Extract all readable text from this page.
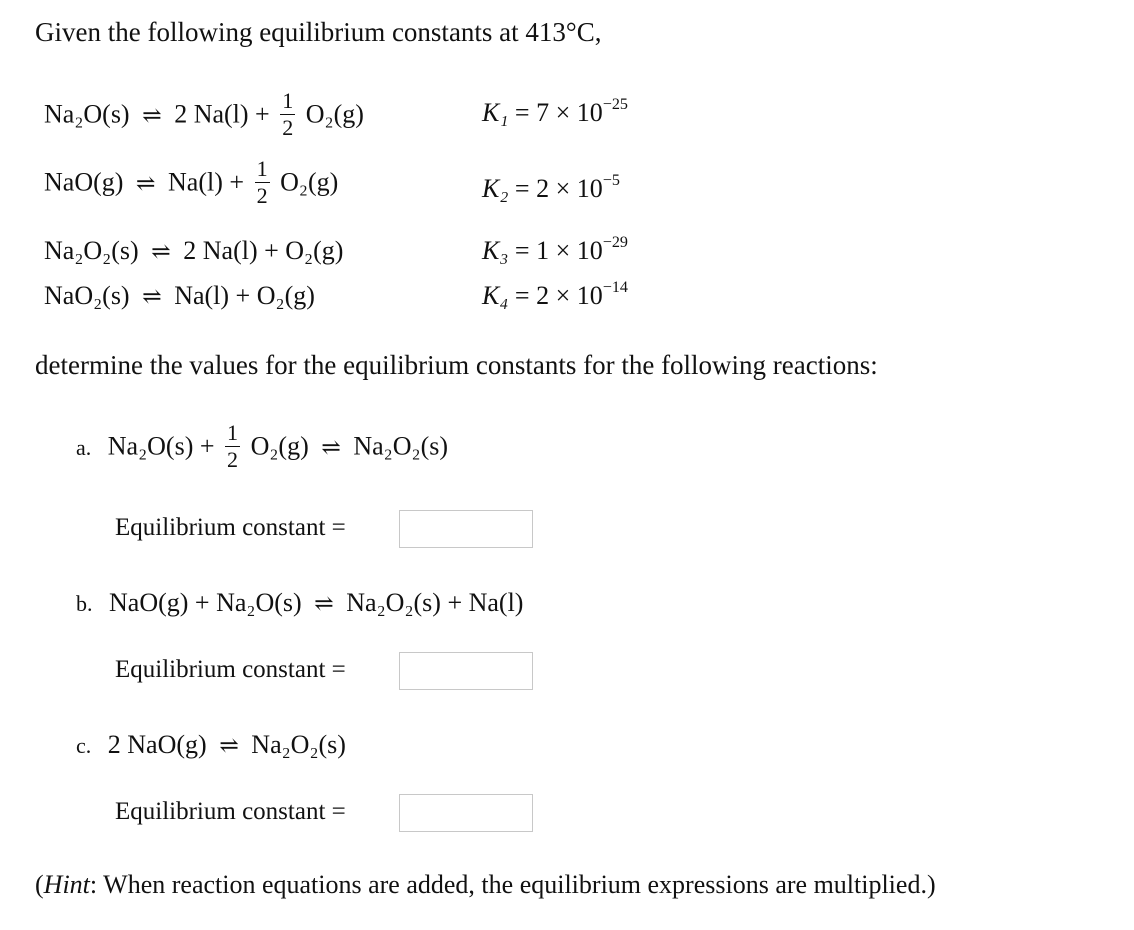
Given the following equilibrium constants at 413°C,
Na₂O(s) ⇌ 2 $Na(l) + \frac{1}{2} O_2(g)$	$K_1 = 7 \times 10^{-25}$
NaO(g) ⇌ $Na(l) + \frac{1}{2} O_2(g)$	$K_2 = 2 \times 10^{-5}$
Na₂O₂(s) ⇌ 2 Na(l) + O₂(g)	$K_3 = 1 \times 10^{-29}$
NaO₂(s) ⇌ Na(l) + O₂(g)	$K_4 = 2 \times 10^{-14}$
determine the values for the equilibrium constants for the following reactions:
a. $Na_2O(s) + \frac{1}{2} O_2(g)$ ⇌ Na₂O₂(s)
Equilibrium constant =
b. NaO(g) + Na₂O(s) ⇌ Na₂O₂(s) + Na(l)
Equilibrium constant =
c. 2 NaO(g) ⇌ Na₂O₂(s)
Equilibrium constant =
(Hint: When reaction equations are added, the equilibrium expressions are multiplied.)
